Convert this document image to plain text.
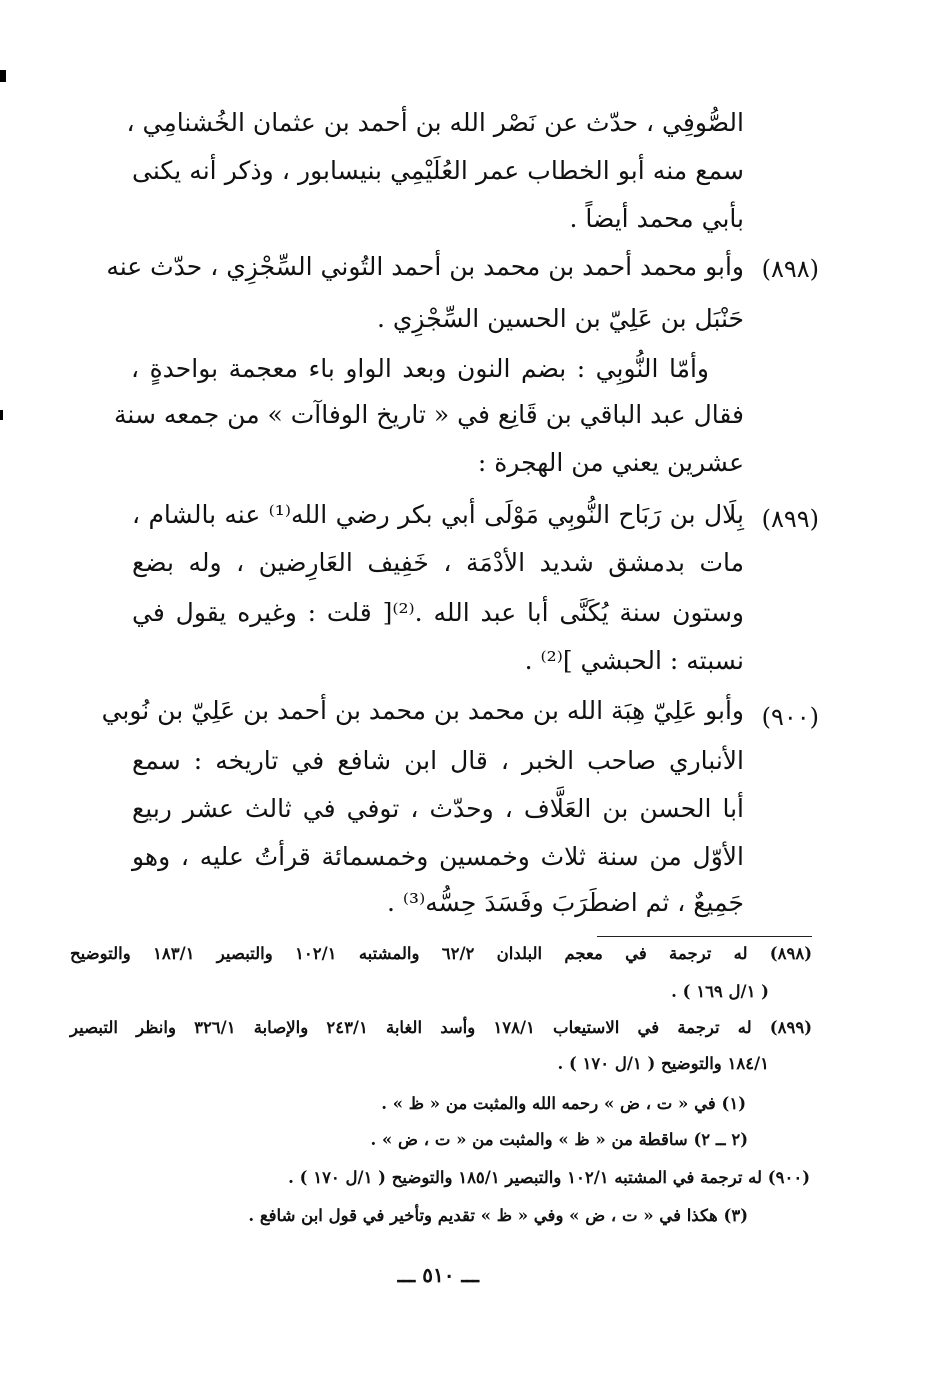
الصُّوفِي ، حدّث عن نَصْر الله بن أحمد بن عثمان الخُشنامِي ،
سمع منه أبو الخطاب عمر العُلَيْمِي بنيسابور ، وذكر أنه يكنى
بأبي محمد أيضاً .
(٨٩٨)
وأبو محمد أحمد بن محمد بن أحمد التُوني السِّجْزِي ، حدّث عنه
حَنْبَل بن عَلِيّ بن الحسين السِّجْزِي .
وأمّا النُّوبِي : بضم النون وبعد الواو باء معجمة بواحدةٍ ،
فقال عبد الباقي بن قَانِع في « تاريخ الوفاآت » من جمعه سنة
عشرين يعني من الهجرة :
(٨٩٩)
بِلَال بن رَبَاح النُّوبِي مَوْلَى أبي بكر رضي الله⁽¹⁾ عنه بالشام ،
مات بدمشق شديد الأدْمَة ، خَفِيف العَارِضين ، وله بضع
وستون سنة يُكَنَّى أبا عبد الله .⁽²⁾[ قلت : وغيره يقول في
نسبته : الحبشي ]⁽²⁾ .
(٩٠٠)
وأبو عَلِيّ هِبَة الله بن محمد بن محمد بن أحمد بن عَلِيّ بن نُوبي
الأنباري صاحب الخبر ، قال ابن شافع في تاريخه : سمع
أبا الحسن بن العَلَّاف ، وحدّث ، توفي في ثالث عشر ربيع
الأوّل من سنة ثلاث وخمسين وخمسمائة قرأتُ عليه ، وهو
جَمِيعٌ ، ثم اضطَرَبَ وفَسَدَ حِسُّه⁽³⁾ .
(٨٩٨) له ترجمة في معجم البلدان ٦٢/٢ والمشتبه ١٠٢/١ والتبصير ١٨٣/١ والتوضيح
( ١/ل ١٦٩ ) .
(٨٩٩) له ترجمة في الاستيعاب ١٧٨/١ وأسد الغابة ٢٤٣/١ والإصابة ٣٢٦/١ وانظر التبصير
١٨٤/١ والتوضيح ( ١/ل ١٧٠ ) .
(١) في « ت ، ض » رحمه الله والمثبت من « ظ » .
(٢ ــ ٢) ساقطة من « ظ » والمثبت من « ت ، ض » .
(٩٠٠) له ترجمة في المشتبه ١٠٢/١ والتبصير ١٨٥/١ والتوضيح ( ١/ل ١٧٠ ) .
(٣) هكذا في « ت ، ض » وفي « ظ » تقديم وتأخير في قول ابن شافع .
ـــ ٥١٠ ـــ
